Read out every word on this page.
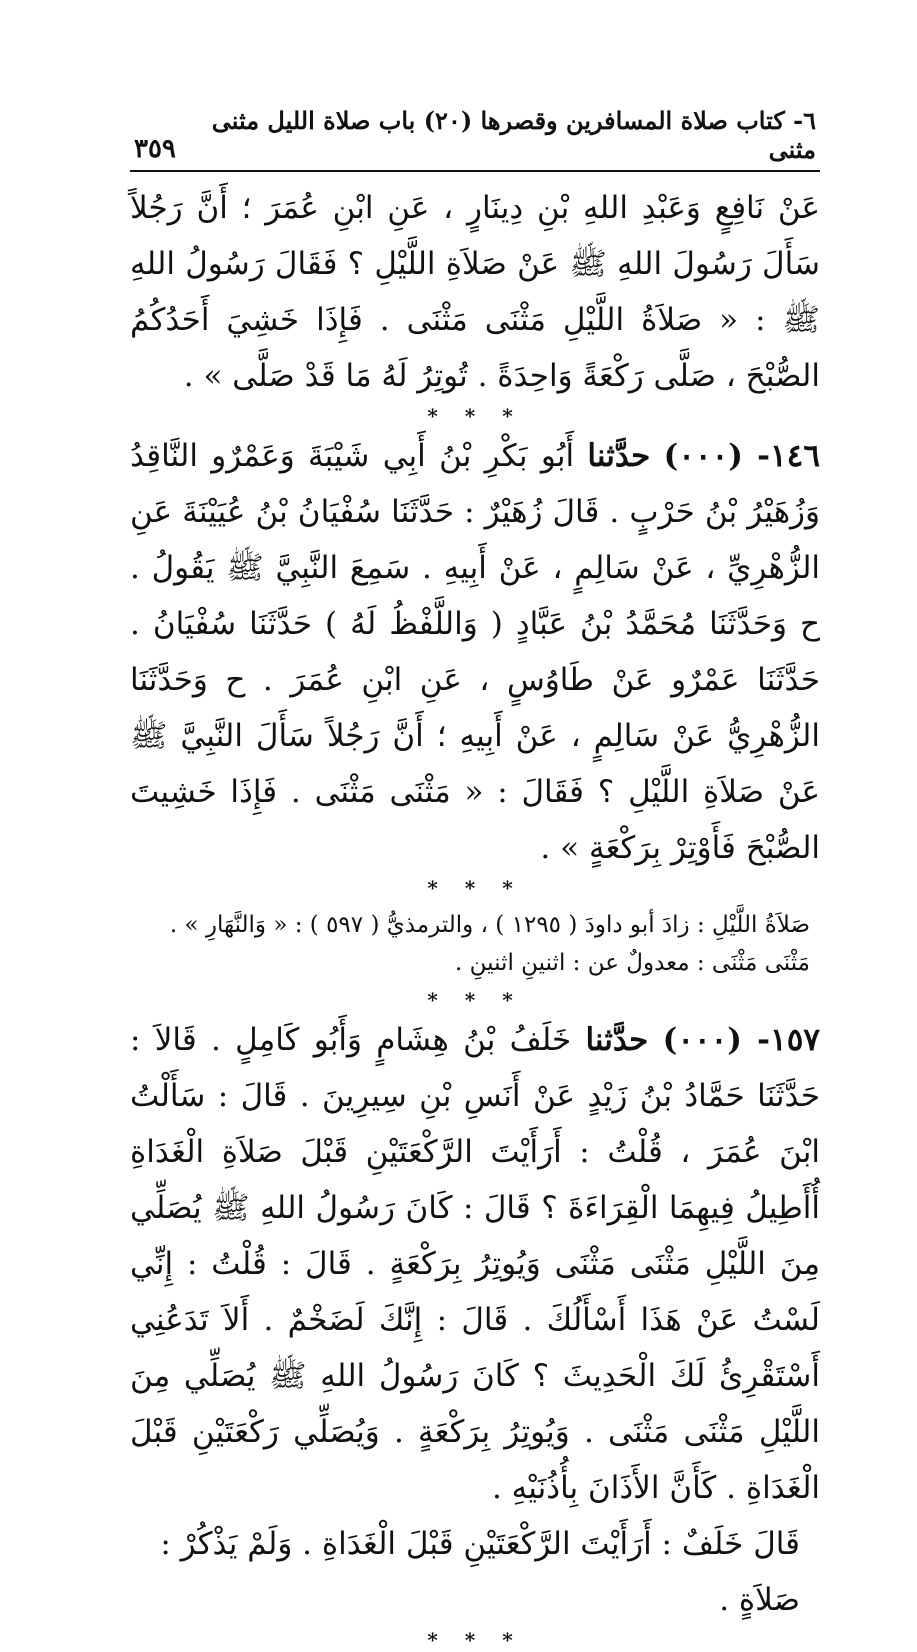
٦- كتاب صلاة المسافرين وقصرها (٢٠) باب صلاة الليل مثنى مثنى
٣٥٩

عَنْ نَافِعٍ وَعَبْدِ اللهِ بْنِ دِينَارٍ ، عَنِ ابْنِ عُمَرَ ؛ أَنَّ رَجُلاً سَأَلَ رَسُولَ اللهِ ﷺ عَنْ صَلاَةِ اللَّيْلِ ؟ فَقَالَ رَسُولُ اللهِ ﷺ : « صَلاَةُ اللَّيْلِ مَثْنَى مَثْنَى . فَإِذَا خَشِيَ أَحَدُكُمُ الصُّبْحَ ، صَلَّى رَكْعَةً وَاحِدَةً . تُوتِرُ لَهُ مَا قَدْ صَلَّى » .

* * *

١٤٦- (٠٠٠) حدَّثنا أَبُو بَكْرِ بْنُ أَبِي شَيْبَةَ وَعَمْرٌو النَّاقِدُ وَزُهَيْرُ بْنُ حَرْبٍ . قَالَ زُهَيْرٌ : حَدَّثَنَا سُفْيَانُ بْنُ عُيَيْنَةَ عَنِ الزُّهْرِيِّ ، عَنْ سَالِمٍ ، عَنْ أَبِيهِ . سَمِعَ النَّبِيَّ ﷺ يَقُولُ . ح وَحَدَّثَنَا مُحَمَّدُ بْنُ عَبَّادٍ ( وَاللَّفْظُ لَهُ ) حَدَّثَنَا سُفْيَانُ . حَدَّثَنَا عَمْرٌو عَنْ طَاوُسٍ ، عَنِ ابْنِ عُمَرَ . ح وَحَدَّثَنَا الزُّهْرِيُّ عَنْ سَالِمٍ ، عَنْ أَبِيهِ ؛ أَنَّ رَجُلاً سَأَلَ النَّبِيَّ ﷺ عَنْ صَلاَةِ اللَّيْلِ ؟ فَقَالَ : « مَثْنَى مَثْنَى . فَإِذَا خَشِيتَ الصُّبْحَ فَأَوْتِرْ بِرَكْعَةٍ » .

* * *

صَلاَةُ اللَّيْلِ : زادَ أبو داودَ ( ١٢٩٥ ) ، والترمذيُّ ( ٥٩٧ ) : « وَالنَّهَارِ » .

مَثْنَى مَثْنَى : معدولٌ عن : اثنينِ اثنينِ .

* * *

١٥٧- (٠٠٠) حدَّثنا خَلَفُ بْنُ هِشَامٍ وَأَبُو كَامِلٍ . قَالاَ : حَدَّثَنَا حَمَّادُ بْنُ زَيْدٍ عَنْ أَنَسِ بْنِ سِيرِينَ . قَالَ : سَأَلْتُ ابْنَ عُمَرَ ، قُلْتُ : أَرَأَيْتَ الرَّكْعَتَيْنِ قَبْلَ صَلاَةِ الْغَدَاةِ أُأَطِيلُ فِيهِمَا الْقِرَاءَةَ ؟ قَالَ : كَانَ رَسُولُ اللهِ ﷺ يُصَلِّي مِنَ اللَّيْلِ مَثْنَى مَثْنَى وَيُوتِرُ بِرَكْعَةٍ . قَالَ : قُلْتُ : إِنِّي لَسْتُ عَنْ هَذَا أَسْأَلُكَ . قَالَ : إِنَّكَ لَضَخْمٌ . أَلاَ تَدَعُنِي أَسْتَقْرِئُ لَكَ الْحَدِيثَ ؟ كَانَ رَسُولُ اللهِ ﷺ يُصَلِّي مِنَ اللَّيْلِ مَثْنَى مَثْنَى . وَيُوتِرُ بِرَكْعَةٍ . وَيُصَلِّي رَكْعَتَيْنِ قَبْلَ الْغَدَاةِ . كَأَنَّ الأَذَانَ بِأُذُنَيْهِ .

قَالَ خَلَفٌ : أَرَأَيْتَ الرَّكْعَتَيْنِ قَبْلَ الْغَدَاةِ . وَلَمْ يَذْكُرْ : صَلاَةٍ .

* * *
